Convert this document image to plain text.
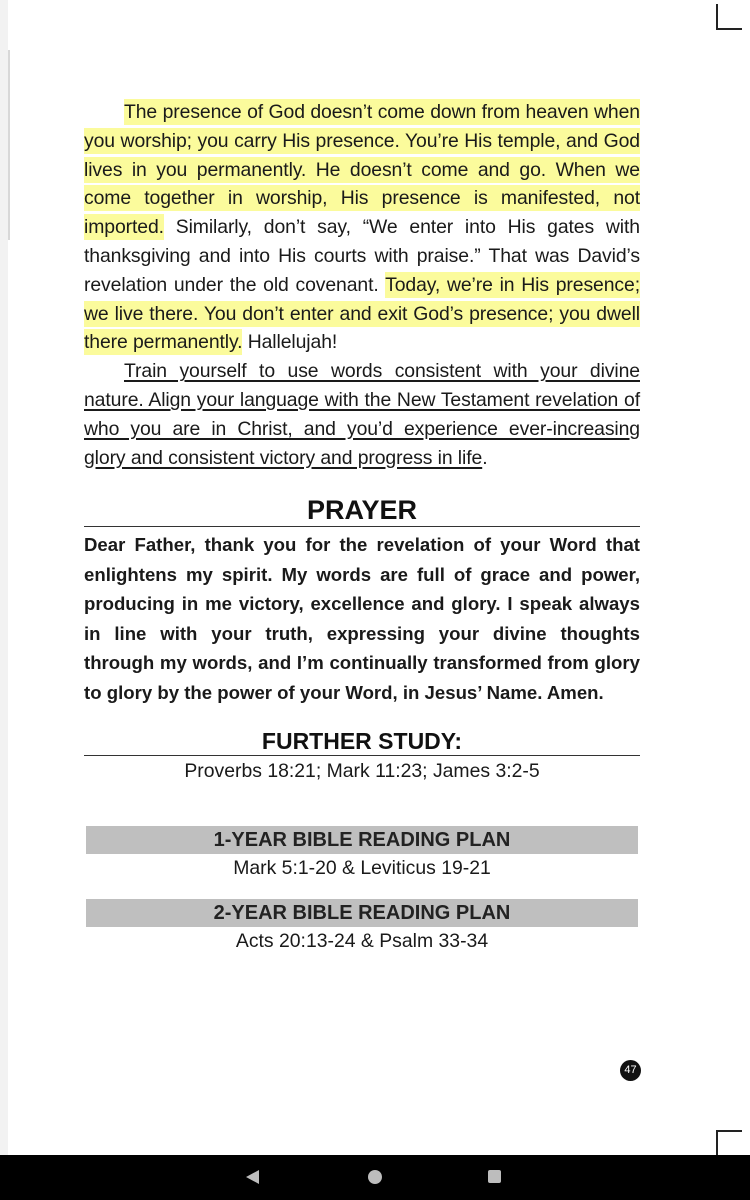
The presence of God doesn’t come down from heaven when you worship; you carry His presence. You’re His temple, and God lives in you permanently. He doesn’t come and go. When we come together in worship, His presence is manifested, not imported. Similarly, don’t say, “We enter into His gates with thanksgiving and into His courts with praise.” That was David’s revelation under the old covenant. Today, we’re in His presence; we live there. You don’t enter and exit God’s presence; you dwell there permanently. Hallelujah!

Train yourself to use words consistent with your divine nature. Align your language with the New Testament revelation of who you are in Christ, and you’d experience ever-increasing glory and consistent victory and progress in life.

PRAYER

Dear Father, thank you for the revelation of your Word that enlightens my spirit. My words are full of grace and power, producing in me victory, excellence and glory. I speak always in line with your truth, expressing your divine thoughts through my words, and I’m continually transformed from glory to glory by the power of your Word, in Jesus’ Name. Amen.

FURTHER STUDY:

Proverbs 18:21; Mark 11:23; James 3:2-5

1-YEAR BIBLE READING PLAN

Mark 5:1-20 & Leviticus 19-21

2-YEAR BIBLE READING PLAN

Acts 20:13-24 & Psalm 33-34

47
